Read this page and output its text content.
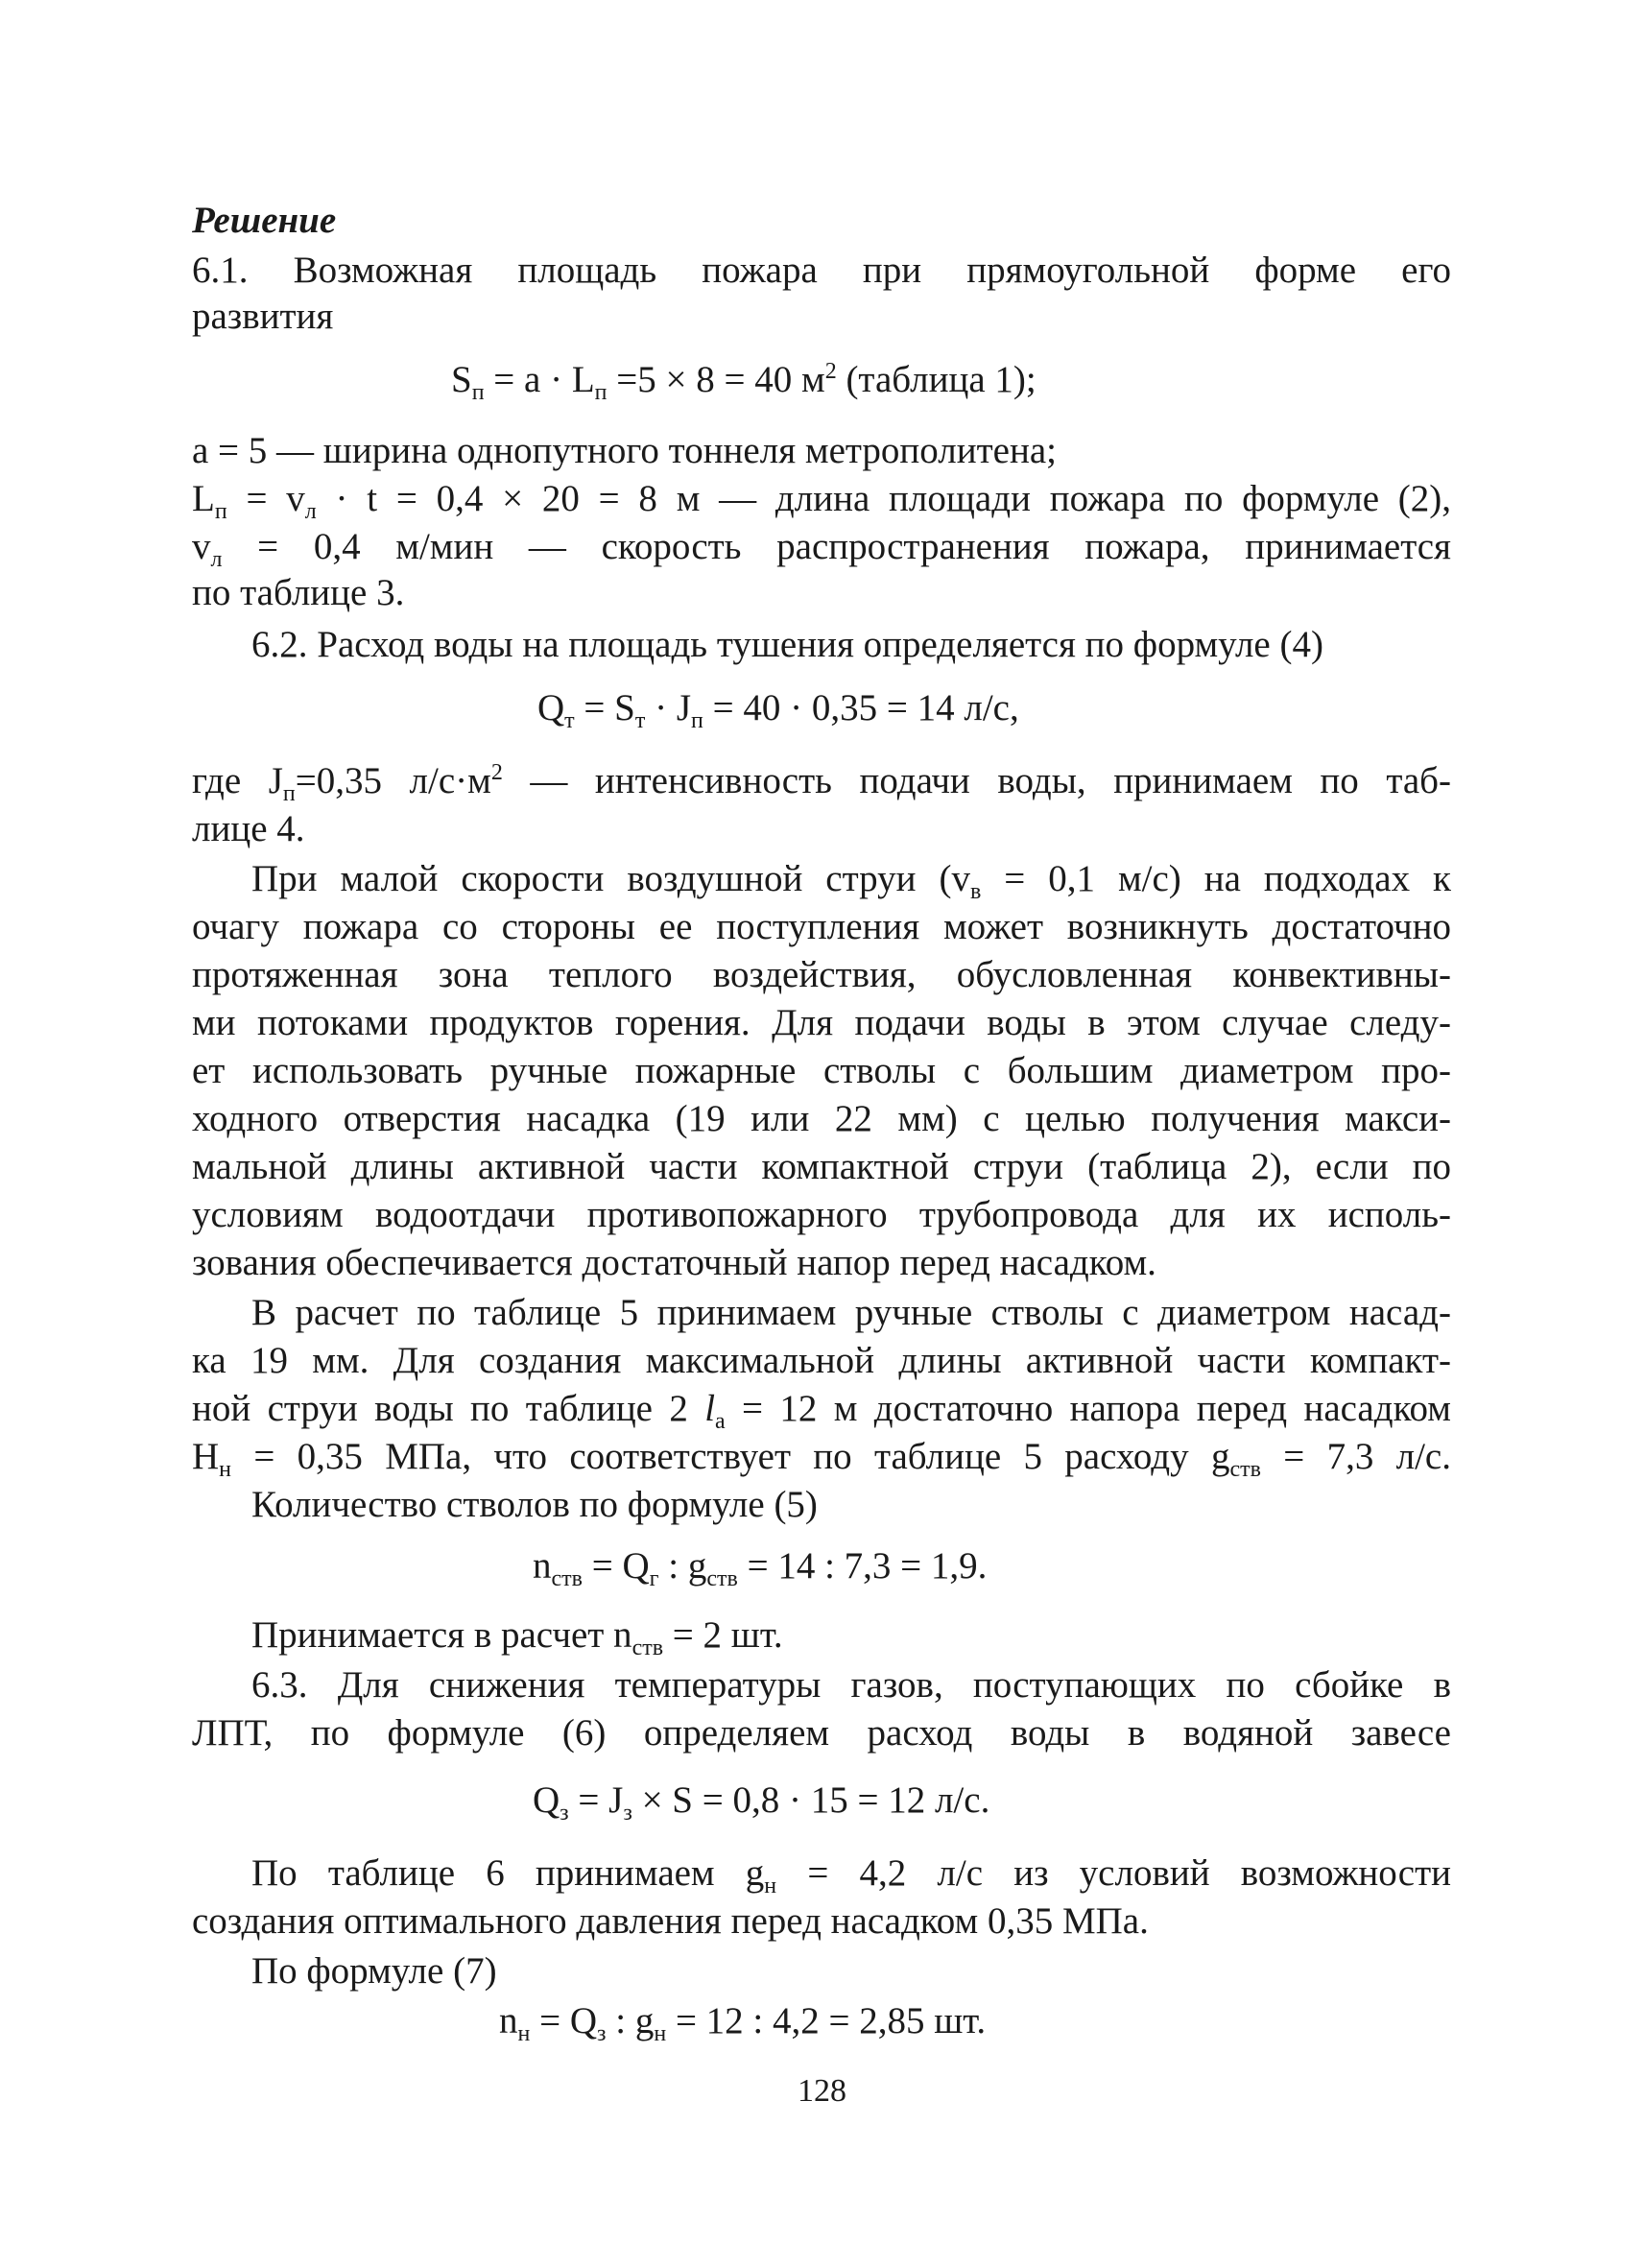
Решение
6.1. Возможная площадь пожара при прямоугольной форме его
развития
$S_п = a \cdot L_п =5 \times 8 = 40$ $м^2$ (таблица 1);
a = 5 — ширина однопутного тоннеля метрополитена;
$L_п = v_л \cdot t = 0,4 \times 20 = 8$ м — длина площади пожара по формуле (2),
$v_л = 0,4$ м/мин — скорость распространения пожара, принимается
по таблице 3.
6.2. Расход воды на площадь тушения определяется по формуле (4)
$Q_т = S_т \cdot J_п = 40 \cdot 0,35 = 14$ л/с,
где $J_п=0,35$ $л/с\cdot м^2$ — интенсивность подачи воды, принимаем по таб-
лице 4.
При малой скорости воздушной струи ($v_в = 0,1$ м/с) на подходах к
очагу пожара со стороны ее поступления может возникнуть достаточно
протяженная зона теплого воздействия, обусловленная конвективны-
ми потоками продуктов горения. Для подачи воды в этом случае следу-
ет использовать ручные пожарные стволы с большим диаметром про-
ходного отверстия насадка (19 или 22 мм) с целью получения макси-
мальной длины активной части компактной струи (таблица 2), если по
условиям водоотдачи противопожарного трубопровода для их исполь-
зования обеспечивается достаточный напор перед насадком.
В расчет по таблице 5 принимаем ручные стволы с диаметром насад-
ка 19 мм. Для создания максимальной длины активной части компакт-
ной струи воды по таблице 2 $l_а = 12$ м достаточно напора перед насадком
$H_н = 0,35$ МПа, что соответствует по таблице 5 расходу $g_{ств} = 7,3$ л/с.
Количество стволов по формуле (5)
$n_{ств} = Q_г$ : $g_{ств} = 14$ : 7,3 = 1,9.
Принимается в расчет $n_{ств} = 2$ шт.
6.3. Для снижения температуры газов, поступающих по сбойке в
ЛПТ, по формуле (6) определяем расход воды в водяной завесе
$Q_з = J_з \times S = 0,8 \cdot 15 = 12$ л/с.
По таблице 6 принимаем $g_н = 4,2$ л/с из условий возможности
создания оптимального давления перед насадком 0,35 МПа.
По формуле (7)
$n_н = Q_з$ : $g_н = 12$ : 4,2 = 2,85 шт.
128
